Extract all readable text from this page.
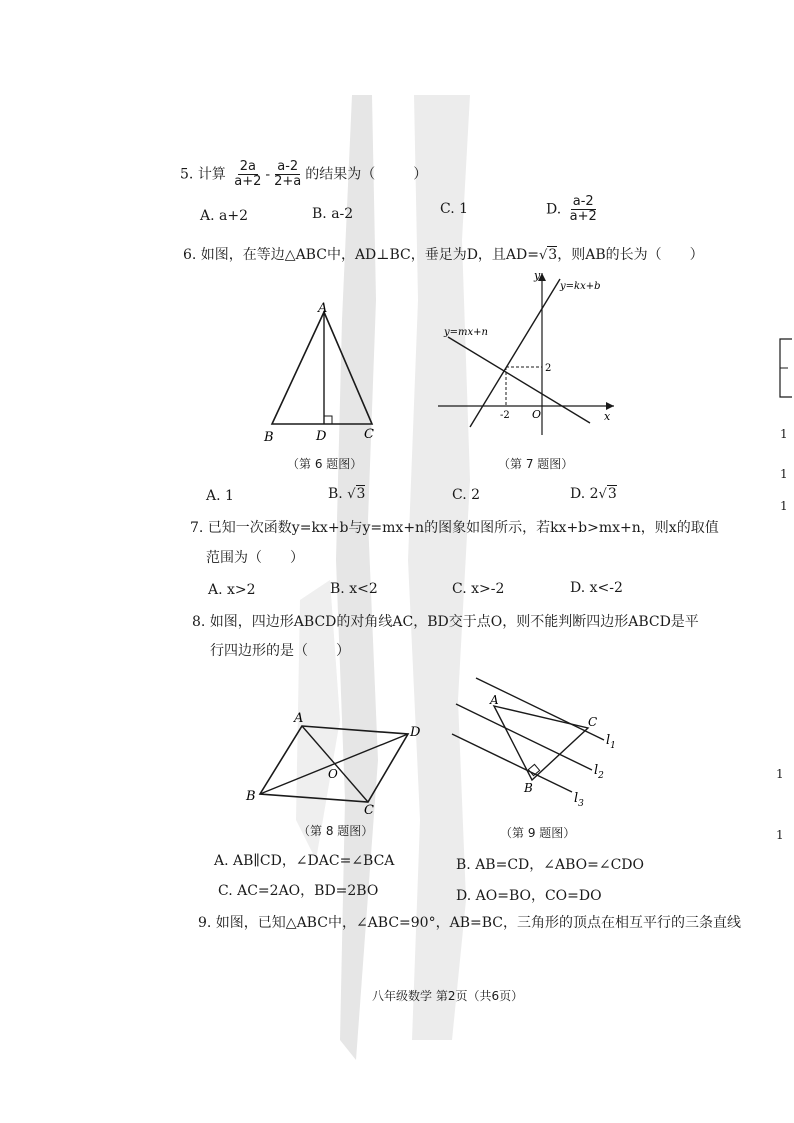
5. 计算 $\frac{2a}{a+2} - \frac{a-2}{2+a}$ 的结果为（	）
A. a+2	B. a-2	C. 1	D. $\frac{a-2}{a+2}$
6. 如图，在等边△ABC中，AD⊥BC，垂足为D，且AD=√3，则AB的长为（　　）
A
B	D	C
（第 6 题图）
y=kx+b
y=mx+n
y
x
O
-2
2
（第 7 题图）
A. 1	B. √3	C. 2	D. 2√3
7. 已知一次函数y=kx+b与y=mx+n的图象如图所示，若kx+b>mx+n，则x的取值
范围为（　　）
A. x>2	B. x<2	C. x>-2	D. x<-2
8. 如图，四边形ABCD的对角线AC，BD交于点O，则不能判断四边形ABCD是平
行四边形的是（　　）
A
D
O
B
C
（第 8 题图）
A
C
B
$l_1$
$l_2$
$l_3$
（第 9 题图）
A. AB∥CD，∠DAC=∠BCA	B. AB=CD，∠ABO=∠CDO
C. AC=2AO，BD=2BO	D. AO=BO，CO=DO
9. 如图，已知△ABC中，∠ABC=90°，AB=BC，三角形的顶点在相互平行的三条直线
八年级数学 第2页（共6页）
1
1
1
1
1
